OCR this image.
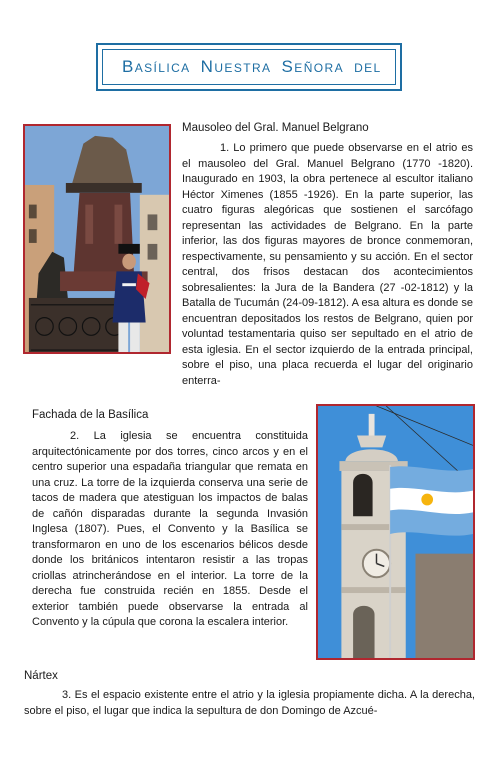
Basílica Nuestra Señora del
Mausoleo del Gral. Manuel Belgrano

1. Lo primero que puede observarse en el atrio es el mausoleo del Gral. Manuel Belgrano (1770 -1820). Inaugurado en 1903, la obra pertenece al escultor italiano Héctor Ximenes (1855 -1926). En la parte superior, las cuatro figuras alegóricas que sostienen el sarcófago representan las actividades de Belgrano. En la parte inferior, las dos figuras mayores de bronce conmemoran, respectivamente, su pensamiento y su acción. En el sector central, dos frisos destacan dos acontecimientos sobresalientes: la Jura de la Bandera (27 -02-1812) y la Batalla de Tucumán (24-09-1812). A esa altura es donde se encuentran depositados los restos de Belgrano, quien por voluntad testamentaria quiso ser sepultado en el atrio de esta iglesia. En el sector izquierdo de la entrada principal, sobre el piso, una placa recuerda el lugar del originario enterra-

Fachada de la Basílica

2. La iglesia se encuentra constituida arquitectónicamente por dos torres, cinco arcos y en el centro superior una espadaña triangular que remata en una cruz. La torre de la izquierda conserva una serie de tacos de madera que atestiguan los impactos de balas de cañón disparadas durante la segunda Invasión Inglesa (1807). Pues, el Convento y la Basílica se transformaron en uno de los escenarios bélicos desde donde los británicos intentaron resistir a las tropas criollas atrincherándose en el interior. La torre de la derecha fue construida recién en 1855. Desde el exterior también puede observarse la entrada al Convento y la cúpula que corona la escalera interior.

Nártex

3. Es el espacio existente entre el atrio y la iglesia propiamente dicha. A la derecha, sobre el piso, el lugar que indica la sepultura de don Domingo de Azcué-
